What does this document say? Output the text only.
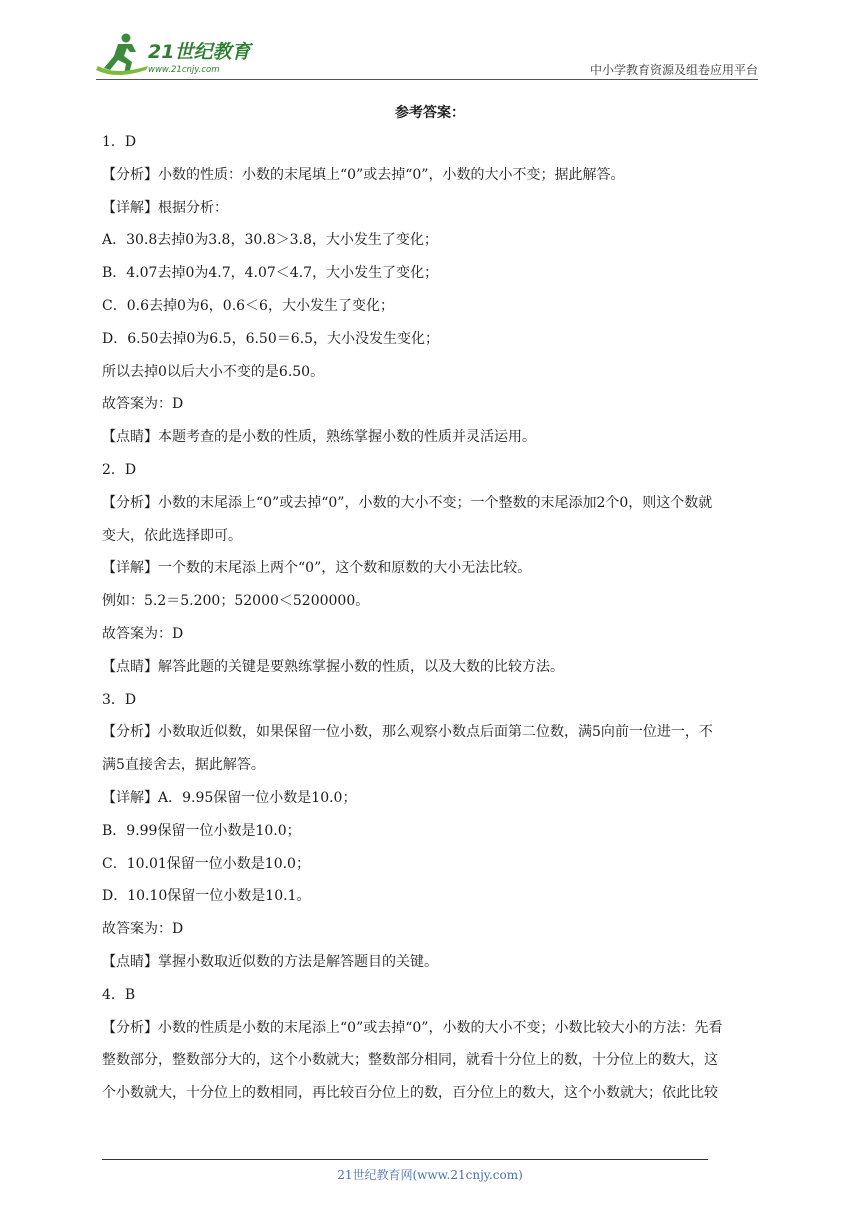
21世纪教育
www.21cnjy.com	中小学教育资源及组卷应用平台
参考答案：
1．D
【分析】小数的性质：小数的末尾填上“0”或去掉“0”，小数的大小不变；据此解答。
【详解】根据分析：
A．30.8去掉0为3.8，30.8＞3.8，大小发生了变化；
B．4.07去掉0为4.7，4.07＜4.7，大小发生了变化；
C．0.6去掉0为6，0.6＜6，大小发生了变化；
D．6.50去掉0为6.5，6.50＝6.5，大小没发生变化；
所以去掉0以后大小不变的是6.50。
故答案为：D
【点睛】本题考查的是小数的性质，熟练掌握小数的性质并灵活运用。
2．D
【分析】小数的末尾添上“0”或去掉“0”，小数的大小不变；一个整数的末尾添加2个0，则这个数就
变大，依此选择即可。
【详解】一个数的末尾添上两个“0”，这个数和原数的大小无法比较。
例如：5.2＝5.200；52000＜5200000。
故答案为：D
【点睛】解答此题的关键是要熟练掌握小数的性质，以及大数的比较方法。
3．D
【分析】小数取近似数，如果保留一位小数，那么观察小数点后面第二位数，满5向前一位进一，不
满5直接舍去，据此解答。
【详解】A．9.95保留一位小数是10.0；
B．9.99保留一位小数是10.0；
C．10.01保留一位小数是10.0；
D．10.10保留一位小数是10.1。
故答案为：D
【点睛】掌握小数取近似数的方法是解答题目的关键。
4．B
【分析】小数的性质是小数的末尾添上“0”或去掉“0”，小数的大小不变；小数比较大小的方法：先看
整数部分，整数部分大的，这个小数就大；整数部分相同，就看十分位上的数，十分位上的数大，这
个小数就大，十分位上的数相同，再比较百分位上的数，百分位上的数大，这个小数就大；依此比较
21世纪教育网(www.21cnjy.com)
